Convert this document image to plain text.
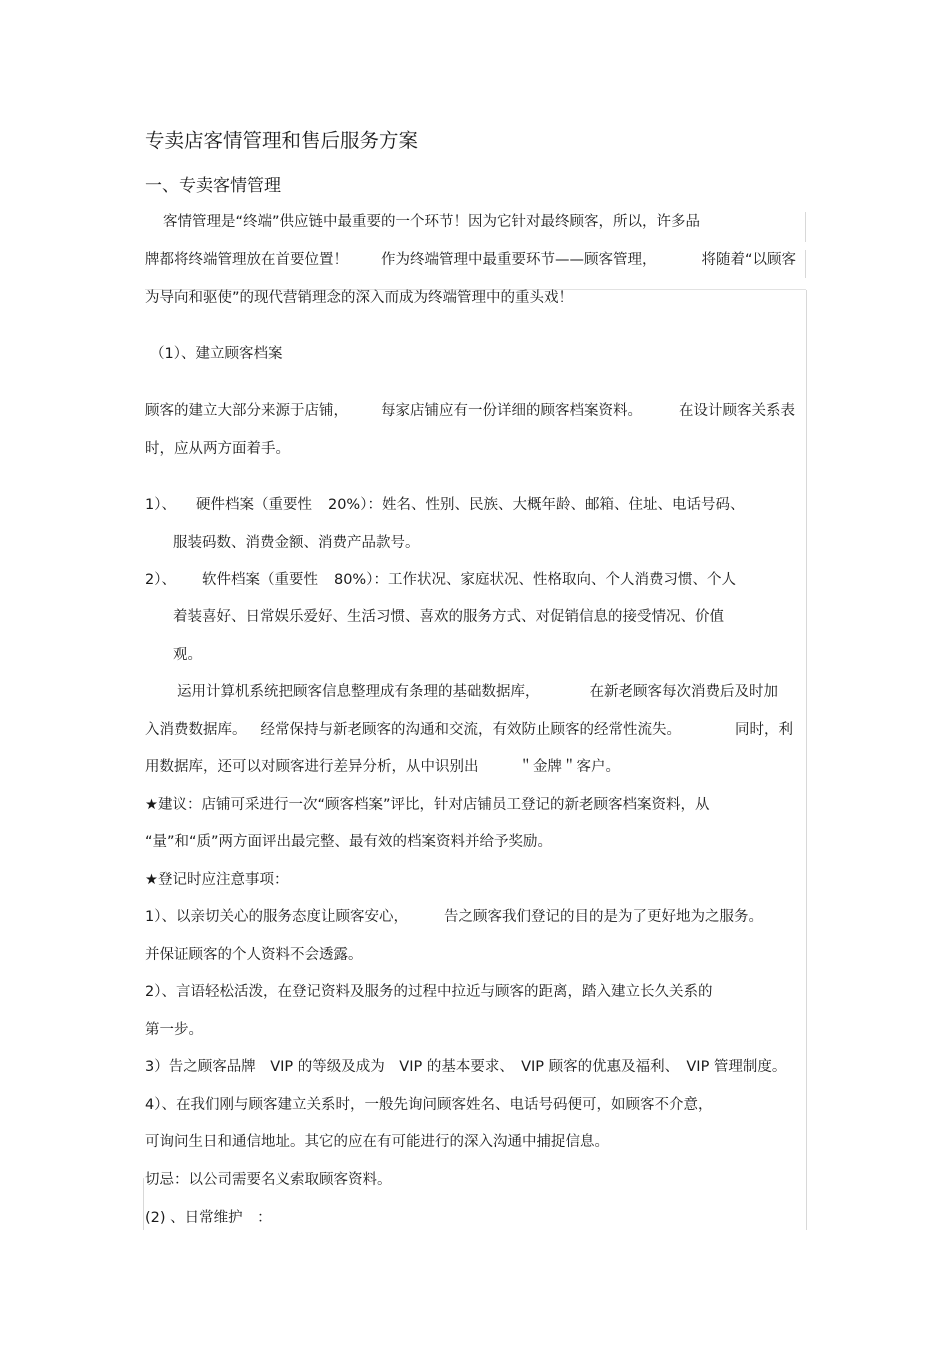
专卖店客情管理和售后服务方案
一、专卖客情管理
客情管理是“终端”供应链中最重要的一个环节！因为它针对最终顾客，所以，许多品
牌都将终端管理放在首要位置！ 作为终端管理中最重要环节——顾客管理，	将随着“以顾客
为导向和驱使”的现代营销理念的深入而成为终端管理中的重头戏！
（1）、建立顾客档案
顾客的建立大部分来源于店铺， 每家店铺应有一份详细的顾客档案资料。	在设计顾客关系表
时，应从两方面着手。
1）、 硬件档案（重要性 20%）：姓名、性别、民族、大概年龄、邮箱、住址、电话号码、
服装码数、消费金额、消费产品款号。
2）、 软件档案（重要性 80%）：工作状况、家庭状况、性格取向、个人消费习惯、个人
着装喜好、日常娱乐爱好、生活习惯、喜欢的服务方式、对促销信息的接受情况、价值
观。
运用计算机系统把顾客信息整理成有条理的基础数据库，	在新老顾客每次消费后及时加
入消费数据库。 经常保持与新老顾客的沟通和交流，有效防止顾客的经常性流失。	同时，利
用数据库，还可以对顾客进行差异分析，从中识别出	＂金牌＂客户。
★建议：店铺可采进行一次“顾客档案”评比，针对店铺员工登记的新老顾客档案资料，从
“量”和“质”两方面评出最完整、最有效的档案资料并给予奖励。
★登记时应注意事项：
1）、以亲切关心的服务态度让顾客安心， 告之顾客我们登记的目的是为了更好地为之服务。
并保证顾客的个人资料不会透露。
2）、言语轻松活泼，在登记资料及服务的过程中拉近与顾客的距离，踏入建立长久关系的
第一步。
3）告之顾客品牌　VIP 的等级及成为　VIP 的基本要求、　VIP 顾客的优惠及福利、　VIP 管理制度。
4）、在我们刚与顾客建立关系时，一般先询问顾客姓名、电话号码便可，如顾客不介意，
可询问生日和通信地址。其它的应在有可能进行的深入沟通中捕捉信息。
切忌：以公司需要名义索取顾客资料。
(2) 、日常维护　：
